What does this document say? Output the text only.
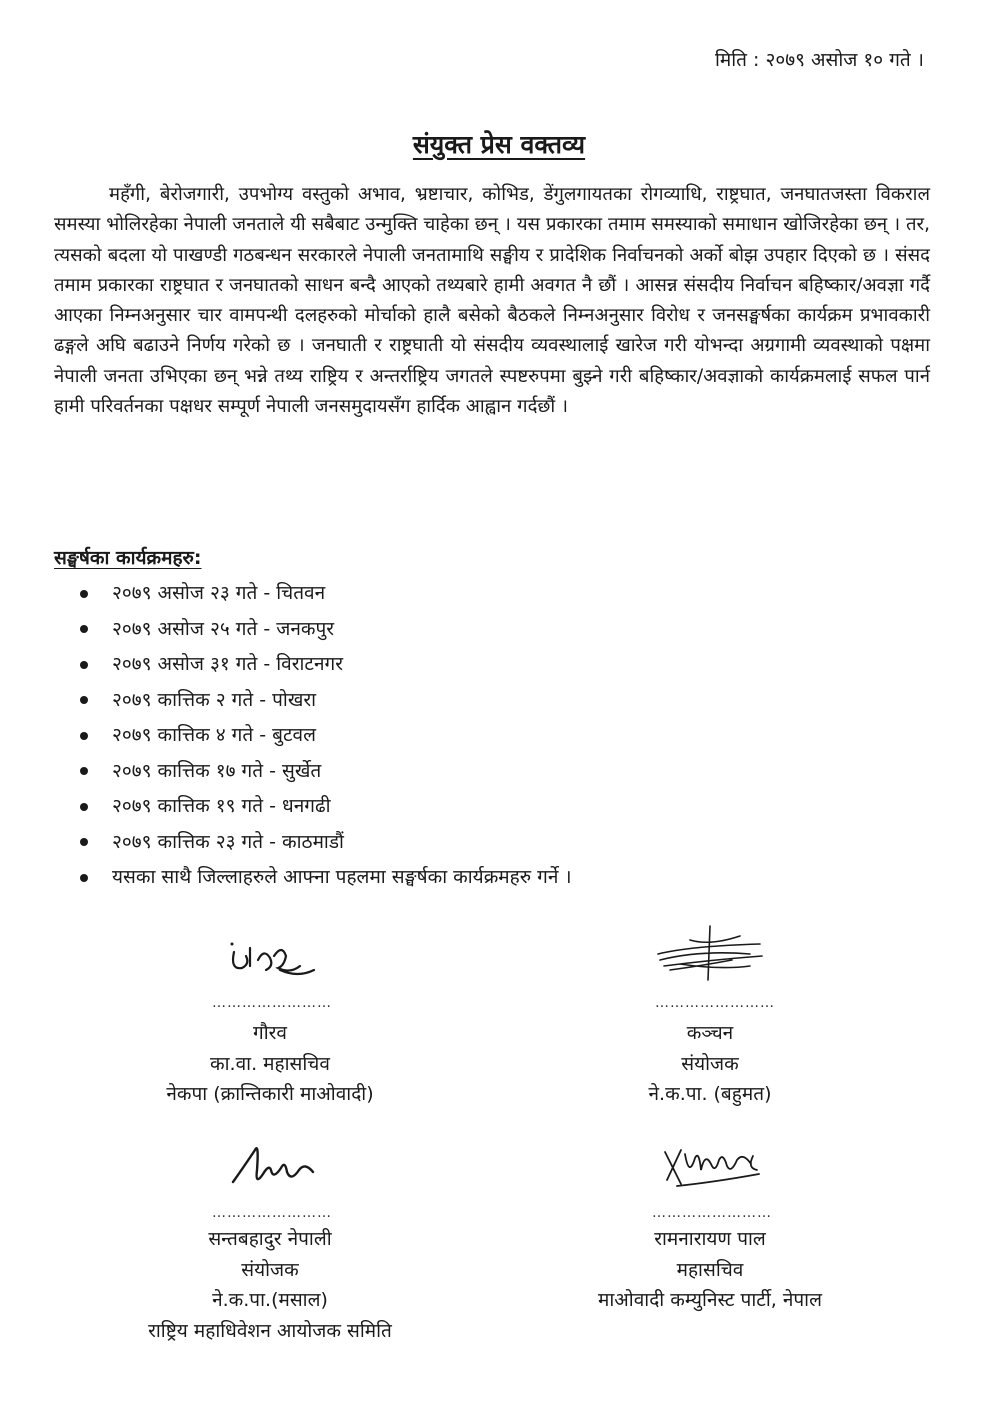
मिति : २०७९ असोज १० गते ।
संयुक्त प्रेस वक्तव्य

महँगी, बेरोजगारी, उपभोग्य वस्तुको अभाव, भ्रष्टाचार, कोभिड, डेंगुलगायतका रोगव्याधि, राष्ट्रघात, जनघातजस्ता विकराल समस्या भोलिरहेका नेपाली जनताले यी सबैबाट उन्मुक्ति चाहेका छन् । यस प्रकारका तमाम समस्याको समाधान खोजिरहेका छन् । तर, त्यसको बदला यो पाखण्डी गठबन्धन सरकारले नेपाली जनतामाथि सङ्घीय र प्रादेशिक निर्वाचनको अर्को बोझ उपहार दिएको छ । संसद तमाम प्रकारका राष्ट्रघात र जनघातको साधन बन्दै आएको तथ्यबारे हामी अवगत नै छौं । आसन्न संसदीय निर्वाचन बहिष्कार/अवज्ञा गर्दै आएका निम्नअनुसार चार वामपन्थी दलहरुको मोर्चाको हालै बसेको बैठकले निम्नअनुसार विरोध र जनसङ्घर्षका कार्यक्रम प्रभावकारी ढङ्गले अघि बढाउने निर्णय गरेको छ । जनघाती र राष्ट्रघाती यो संसदीय व्यवस्थालाई खारेज गरी योभन्दा अग्रगामी व्यवस्थाको पक्षमा नेपाली जनता उभिएका छन् भन्ने तथ्य राष्ट्रिय र अन्तर्राष्ट्रिय जगतले स्पष्टरुपमा बुझ्ने गरी बहिष्कार/अवज्ञाको कार्यक्रमलाई सफल पार्न हामी परिवर्तनका पक्षधर सम्पूर्ण नेपाली जनसमुदायसँग हार्दिक आह्वान गर्दछौं ।

सङ्घर्षका कार्यक्रमहरु:
२०७९ असोज २३ गते - चितवन
२०७९ असोज २५ गते - जनकपुर
२०७९ असोज ३१ गते - विराटनगर
२०७९ कात्तिक २ गते - पोखरा
२०७९ कात्तिक ४ गते - बुटवल
२०७९ कात्तिक १७ गते - सुर्खेत
२०७९ कात्तिक १९ गते - धनगढी
२०७९ कात्तिक २३ गते - काठमाडौं
यसका साथै जिल्लाहरुले आफ्ना पहलमा सङ्घर्षका कार्यक्रमहरु गर्ने ।
……………………	……………………
गौरव
का.वा. महासचिव
नेकपा (क्रान्तिकारी माओवादी)
कञ्चन
संयोजक
ने.क.पा. (बहुमत)
……………………	……………………
सन्तबहादुर नेपाली
संयोजक
ने.क.पा.(मसाल)
राष्ट्रिय महाधिवेशन आयोजक समिति
रामनारायण पाल
महासचिव
माओवादी कम्युनिस्ट पार्टी, नेपाल
